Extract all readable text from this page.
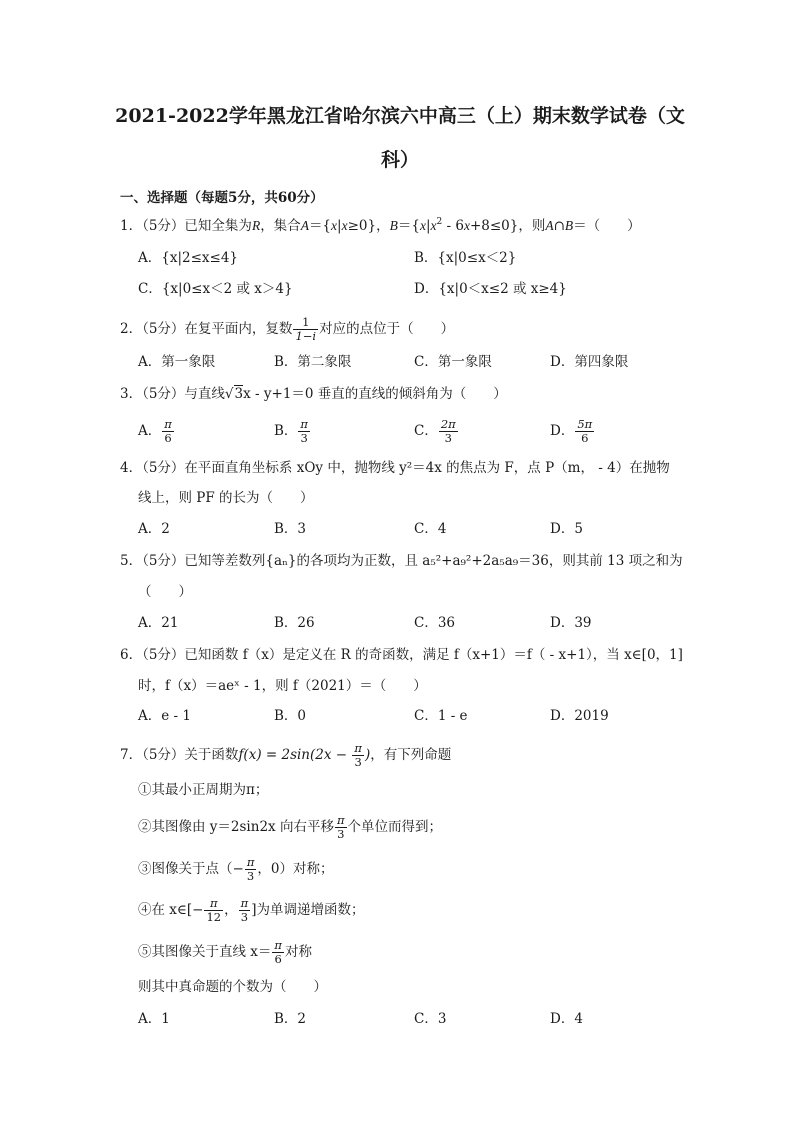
2021-2022学年黑龙江省哈尔滨六中高三（上）期末数学试卷（文
科）
一、选择题（每题5分，共60分）
1．（5分）已知全集为R，集合A＝{x|x≥0}，$B=\{x|x^2 - 6x+8\le 0\}$，则A∩B＝（　　）
A．{x|2≤x≤4}	B．{x|0≤x＜2}
C．{x|0≤x＜2 或 x＞4}	D．{x|0＜x≤2 或 x≥4}
2．（5分）在复平面内，复数 $\frac{1}{1-i}$ 对应的点位于（　　）
A．第一象限	B．第二象限	C．第一象限	D．第四象限
3．（5分）与直线√3x - y+1＝0 垂直的直线的倾斜角为（　　）
A． $\frac{\pi}{6}$	B． $\frac{\pi}{3}$	C． $\frac{2\pi}{3}$	D． $\frac{5\pi}{6}$
4．（5分）在平面直角坐标系 xOy 中，抛物线 y²＝4x 的焦点为 F，点 P（m， - 4）在抛物
线上，则 PF 的长为（　　）
A．2	B．3	C．4	D．5
5．（5分）已知等差数列{aₙ}的各项均为正数，且 a₅²+a₉²+2a₅a₉＝36，则其前 13 项之和为
（　　）
A．21	B．26	C．36	D．39
6．（5分）已知函数 f（x）是定义在 R 的奇函数，满足 f（x+1）＝f（ - x+1），当 x∈[0，1]
时，f（x）＝aeˣ - 1，则 f（2021）＝（　　）
A．e - 1	B．0	C．1 - e	D．2019
7．（5分）关于函数$f(x) = 2\sin(2x - \frac{\pi}{3}$ )，有下列命题
①其最小正周期为π；
②其图像由 y＝2sin2x 向右平移 $\frac{\pi}{3}$ 个单位而得到；
③图像关于点（− $\frac{\pi}{3}$ ，0）对称；
④在 x∈[− $\frac{\pi}{12}$ ， $\frac{\pi}{3}$ ]为单调递增函数；
⑤其图像关于直线 $x= \frac{\pi}{6}$ 对称
则其中真命题的个数为（　　）
A．1	B．2	C．3	D．4
